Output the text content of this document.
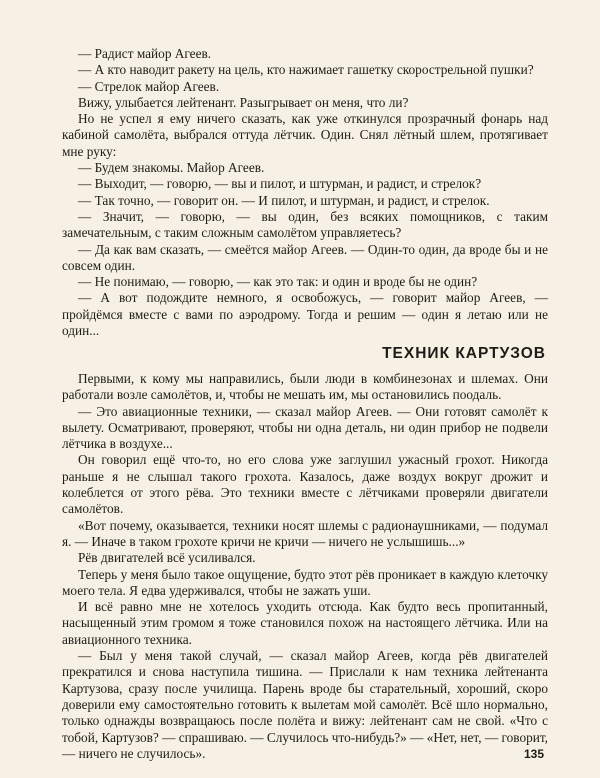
— Радист майор Агеев.

— А кто наводит ракету на цель, кто нажимает гашетку скорострельной пушки?

— Стрелок майор Агеев.

Вижу, улыбается лейтенант. Разыгрывает он меня, что ли?

Но не успел я ему ничего сказать, как уже откинулся прозрачный фонарь над кабиной самолёта, выбрался оттуда лётчик. Один. Снял лётный шлем, протягивает мне руку:

— Будем знакомы. Майор Агеев.

— Выходит, — говорю, — вы и пилот, и штурман, и радист, и стрелок?

— Так точно, — говорит он. — И пилот, и штурман, и радист, и стрелок.

— Значит, — говорю, — вы один, без всяких помощников, с таким замечательным, с таким сложным самолётом управляетесь?

— Да как вам сказать, — смеётся майор Агеев. — Один-то один, да вроде бы и не совсем один.

— Не понимаю, — говорю, — как это так: и один и вроде бы не один?

— А вот подождите немного, я освобожусь, — говорит майор Агеев, — пройдёмся вместе с вами по аэродрому. Тогда и решим — один я летаю или не один...

ТЕХНИК КАРТУЗОВ

Первыми, к кому мы направились, были люди в комбинезонах и шлемах. Они работали возле самолётов, и, чтобы не мешать им, мы остановились поодаль.

— Это авиационные техники, — сказал майор Агеев. — Они готовят самолёт к вылету. Осматривают, проверяют, чтобы ни одна деталь, ни один прибор не подвели лётчика в воздухе...

Он говорил ещё что-то, но его слова уже заглушил ужасный грохот. Никогда раньше я не слышал такого грохота. Казалось, даже воздух вокруг дрожит и колеблется от этого рёва. Это техники вместе с лётчиками проверяли двигатели самолётов.

«Вот почему, оказывается, техники носят шлемы с радионаушниками, — подумал я. — Иначе в таком грохоте кричи не кричи — ничего не услышишь...»

Рёв двигателей всё усиливался.

Теперь у меня было такое ощущение, будто этот рёв проникает в каждую клеточку моего тела. Я едва удерживался, чтобы не зажать уши.

И всё равно мне не хотелось уходить отсюда. Как будто весь пропитанный, насыщенный этим громом я тоже становился похож на настоящего лётчика. Или на авиационного техника.

— Был у меня такой случай, — сказал майор Агеев, когда рёв двигателей прекратился и снова наступила тишина. — Прислали к нам техника лейтенанта Картузова, сразу после училища. Парень вроде бы старательный, хороший, скоро доверили ему самостоятельно готовить к вылетам мой самолёт. Всё шло нормально, только однажды возвращаюсь после полёта и вижу: лейтенант сам не свой. «Что с тобой, Картузов? — спрашиваю. — Случилось что-нибудь?» — «Нет, нет, — говорит, — ничего не случилось».	135
